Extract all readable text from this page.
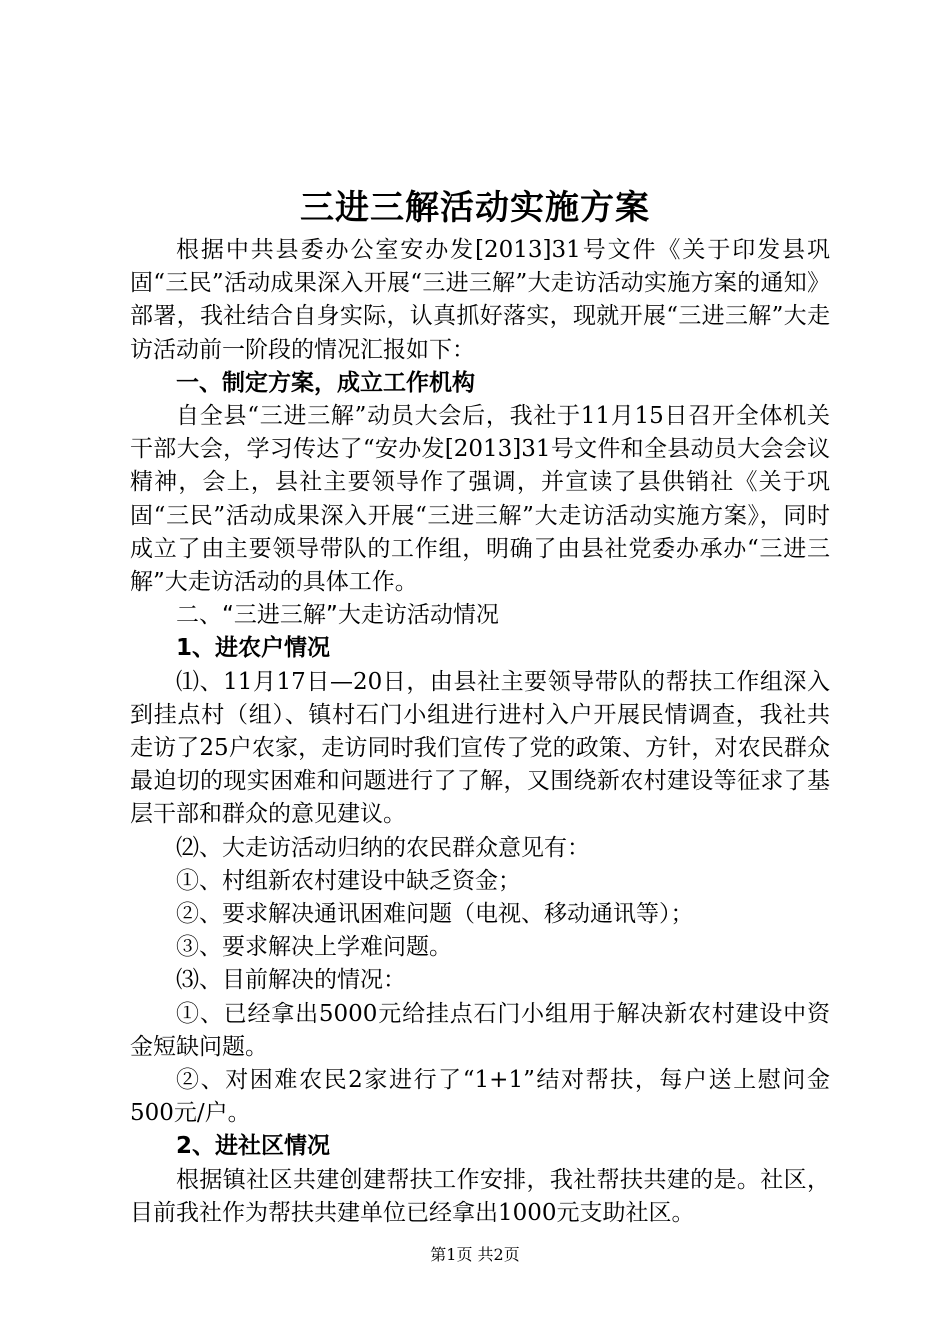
三进三解活动实施方案

根据中共县委办公室安办发[2013]31号文件《关于印发县巩固“三民”活动成果深入开展“三进三解”大走访活动实施方案的通知》部署，我社结合自身实际，认真抓好落实，现就开展“三进三解”大走访活动前一阶段的情况汇报如下：

一、制定方案，成立工作机构

自全县“三进三解”动员大会后，我社于11月15日召开全体机关干部大会，学习传达了“安办发[2013]31号文件和全县动员大会会议精神，会上，县社主要领导作了强调，并宣读了县供销社《关于巩固“三民”活动成果深入开展“三进三解”大走访活动实施方案》，同时成立了由主要领导带队的工作组，明确了由县社党委办承办“三进三解”大走访活动的具体工作。

二、“三进三解”大走访活动情况

1、进农户情况

⑴、11月17日—20日，由县社主要领导带队的帮扶工作组深入到挂点村（组）、镇村石门小组进行进村入户开展民情调查，我社共走访了25户农家，走访同时我们宣传了党的政策、方针，对农民群众最迫切的现实困难和问题进行了了解，又围绕新农村建设等征求了基层干部和群众的意见建议。

⑵、大走访活动归纳的农民群众意见有：

①、村组新农村建设中缺乏资金；

②、要求解决通讯困难问题（电视、移动通讯等）；

③、要求解决上学难问题。

⑶、目前解决的情况：

①、已经拿出5000元给挂点石门小组用于解决新农村建设中资金短缺问题。

②、对困难农民2家进行了“1+1”结对帮扶，每户送上慰问金500元/户。

2、进社区情况

根据镇社区共建创建帮扶工作安排，我社帮扶共建的是。社区，目前我社作为帮扶共建单位已经拿出1000元支助社区。

第1页 共2页
